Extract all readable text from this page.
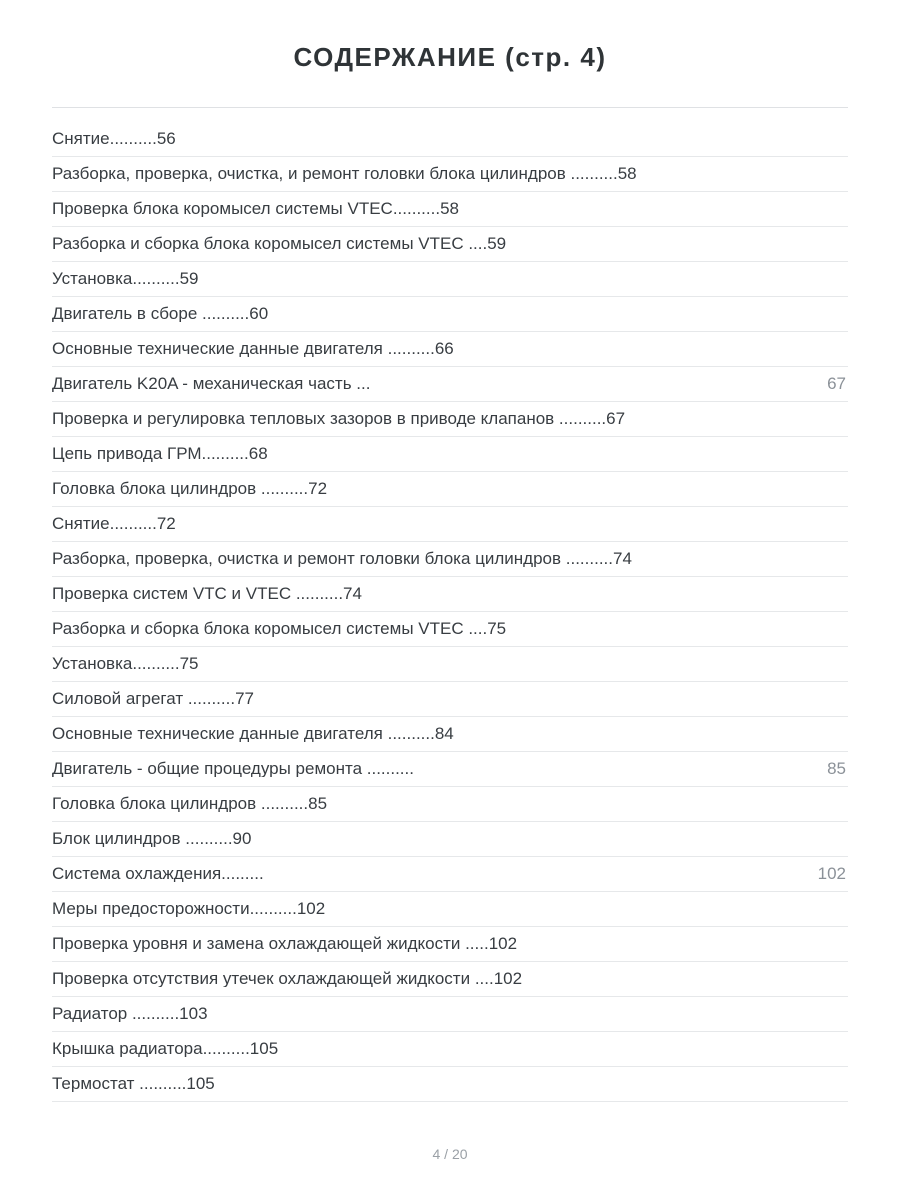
СОДЕРЖАНИЕ (стр. 4)
Снятие..........56
Разборка, проверка, очистка, и ремонт головки блока цилиндров ..........58
Проверка блока коромысел системы VTEC..........58
Разборка и сборка блока коромысел системы VTEC ....59
Установка..........59
Двигатель в сборе ..........60
Основные технические данные двигателя ..........66
Двигатель K20A - механическая часть ...	67
Проверка и регулировка тепловых зазоров в приводе клапанов ..........67
Цепь привода ГРМ..........68
Головка блока цилиндров ..........72
Снятие..........72
Разборка, проверка, очистка и ремонт головки блока цилиндров ..........74
Проверка систем VTC и VTEC ..........74
Разборка и сборка блока коромысел системы VTEC ....75
Установка..........75
Силовой агрегат ..........77
Основные технические данные двигателя ..........84
Двигатель - общие процедуры ремонта ..........	85
Головка блока цилиндров ..........85
Блок цилиндров ..........90
Система охлаждения.........	102
Меры предосторожности..........102
Проверка уровня и замена охлаждающей жидкости .....102
Проверка отсутствия утечек охлаждающей жидкости ....102
Радиатор ..........103
Крышка радиатора..........105
Термостат ..........105
4 / 20
